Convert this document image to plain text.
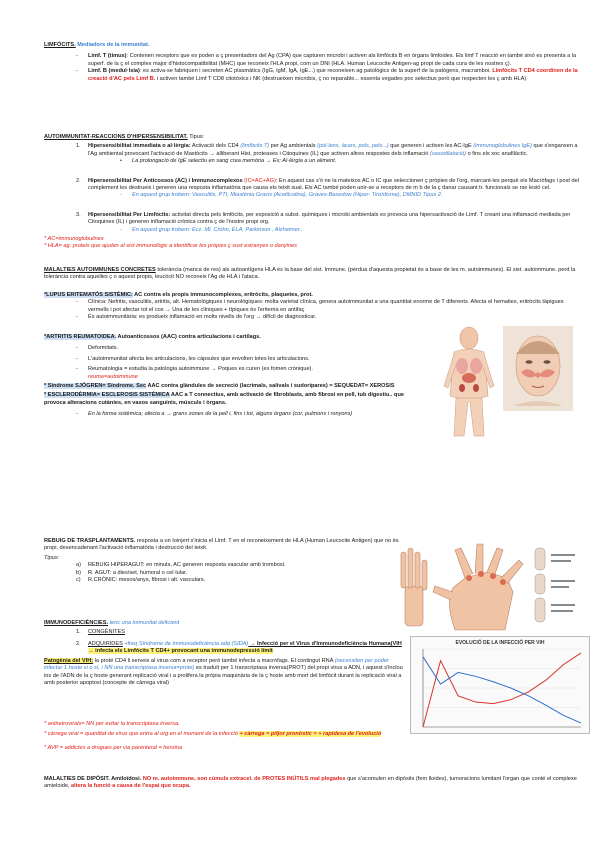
LIMFÒCITS. Mediadors de la immunitat.

- Limf. T (timus): Contenen receptors que es poden a ç presentadors del Ag (CPA) que capturen microbi i activen als limfòcits B en òrgans limfoides. Els limf T reacció en també sinó es presenta a la superf. de la ç el complex major d'histocompatibilitat (MHC) que reconeix l'HLA propi, com un DNI (HLA. Human Leucocite Antigen-ag propi de cada cura de les nostres ç).

- Limf. B (medul·lsia): es activa-se fabriquen i secreten AC plasmàtics (IgG, IgM, IgA, IgE...) que reconeixen ag patològics de la superf de la patògens, macramboi. Limfòcits T CD4 coordinen de la creació d'AC pels Limf B. i activen també Limf T CD8 citotòxics i NK (destrueixen microbis, ç no reparable... essenta vegades poc selectius però que respecten les ç amb HLA)

AUTOIMMUNITAT-REACCIONS D'HIPERSENSIBILITAT. Tipus:

1. Hipersensibilitat immediata o al·lèrgia: Activació dels CD4 (limfòcits T) per Ag ambientals (pòl·lens, àcars, pols, pels...) que generen i activen les AC-IgE (immunoglobulines IgE) que s'enganxen a l'Ag ambiental provocant l'activació de Mastòcits → alliberant Hist, proteases i Citoquines (IL) que activen altres respostes dels inflamació (vasodilatació) o fins els xoc anafilàctic.

• La prolongació de IgE selectiu en sang crea memòria → Ex; Al·lèrgia a un aliment.

2. Hipersensibilitat Per Anticossos (AC) i Immunocomplexos (IC=AC+AG): En aquest cas s'ó ne la mateixos AC o IC que seleccionen ç pròpies de l'org, marcant-les perquè els Macròfags i post del complement les destrueix i generen una resposta inflamatòria que causa els teixit sual. Els AC també poden unir-se a receptors de m b de la ç danar causant tr. funcionals se rse lesió cel.

- En aquest grup trobem: Vasculitis, PTI, Miastènia Gravis (Acetilcolina), Graves-Basedow (Hiper- Tiroïdisme), DMNID Tipus 2.

3. Hipersensibilitat Per Limfòcits: activitat directa pels limfòcits, per exposició a subst. químiques i microbi ambientals es provoca una hipersactivació de Limf. T creant una inflamació mediada per Citoquines (IL) i generen inflamació crònica contra ç de l'nostre propi org.

- En aquest grup trobem: Ecz. Ml. Crohn, ELA, Parkinson , Alzheimer..

* AC=immunoglobulines

* HLA= ag. proteis que ajuden al sist immunològic a identificar les pròpies ç sust estranyes o danyines

MALALTIES AUTOIMMUNES CONCRETES tolerància (manca de res) als autoantígens HLA és la base del sist. Immune. (pèrdua d'aquesta propietat és a base de les m. autoimmunes). El sist. autoimmune. perd la tolerància contra aquelles ç o aquest propis, leucòcit NO reconeix l'Ag de HLA i l'ataca.

*LUPUS ERITEMATÓS SISTÈMIC: AC contra els propis immunocomplexes, eritròcits, plaquetes, prot.

- Clínica: Nefritis, vasculitis, artritis, alt. Hematològiques i neurològiques: molta varietat clínica, genera autoimmunitat a una quantitat enorme de T diferents. Afecta el hematies, eritròcits tàpigues vermells i pot afectar tot el cos → Una de les clíniques + típiques és l'eritema en antifaç

- És autoimmunitària: es produeix inflamació en molts nivells de l'org → difícil de diagnosticar.

*ARTRITIS REUMATOIDEA. Autoanticossos (AAC) contra articulacions i cartílags.

- Deformitats.

- L'autoimmunitat afecta les articulacions, les càpsules que envolten totes les articulacions.

- Reumatologia = estudia la patologia autoimmune → Poques es curen (es fomen crònique).

reuma=autoimmune

* Síndrome SJÖGREN= Síndrome. Sec AAC contra glàndules de secreció (lacrimals, salivals i sudorípares) = SEQUEDAT= XEROSIS

* ESCLERODÈRMIA= ESCLEROSIS SISTÈMICA AAC a T connectius, amb activació de fibroblasts, amb fibrosi en pell, tub digestiu.. que provoca alteracions cutànies, en vasos sanguinis, músculs i òrgans.

- En la forma sistèmica; afecta a → grans zones de la pell i, fins i tot, alguns òrgans (cor, pulmons i ronyons)

REBUIG DE TRASPLANTAMENTS. resposta a un Ioinjert s'inicia el Limf. T en el reconeixement de HLA (Human Leucocite Antigen) que no és propi, desencadenant l'activació inflamatòria i destrucció del teixit.

Tipus:

a) REBUIG HIPERAGUT: en minuts, AC generen resposta vascular amb trombosi.

b) R. AGUT: a dies/set, humoral o cel·lular.

c) R.CRÒNIC: mesos/anys, fibrosi i alt. vasculars.

IMMUNODEFICIÈNCIES. tenc una immunitat deficient

1. CONGÈNITES

2. ADQUIRIDES +freq Síndrome de Immunodeficiència adq (SIDA) → Infecció per el Virus d'Immunodeficiència Humana(VIH → infecta els Limfòcits T CD4+ provocant una immunodepressió límit

Patogènia del VIH: la proté CD4 li serveix al virus com a receptor però també infecta a macròfags. El contingut RNA (necessiten per poder infectar 1 hoste si o sí, i NN una transcriptasa inversa=prote) es traduït per 1 transcriptasa inversa(PROT) del propi virus a ADN, i aquest s'inclou ins de l'ADN de la ç hoste generant replicació viral i a prolifera la pròpia maquinària de la ç hoste amb mort del limfòcit durant la replicació viral a amb posterior apoptosi (concepte de càrrega viral)

* antiretrovirals= NN per evitar la transcriptasa inversa.

* càrrega viral = quantitat de virus que entra al org en el moment de la infecció + càrrega = pitjor pronòstic = + rapidesa de l'evolució

* AVP = addictes a drogues per via parenteral = heroïna

EVOLUCIÓ DE LA INFECCIÓ PER VIH

MALALTIES DE DIPÒSIT. Amiloïdosi. NO m. autoimmune, son cúmuls extracel. de PROTES INÚTILS mal plegades que s'acomulen en dipòsits (fem lloides), tumoracions lumitant l'organ que conté el complexe amieloide, altera la funció a causa de l'espai que ocupa.
